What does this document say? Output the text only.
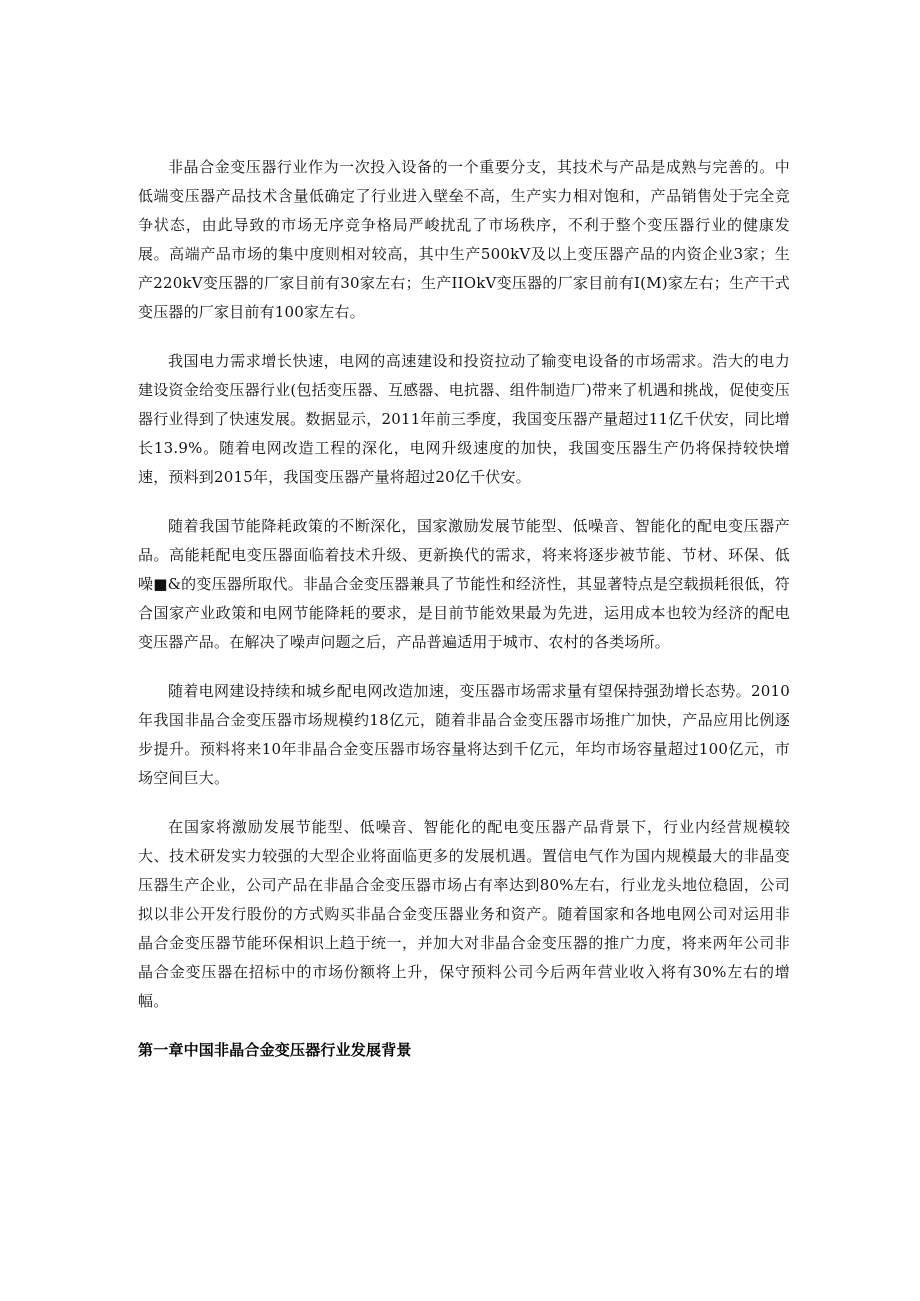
非晶合金变压器行业作为一次投入设备的一个重要分支，其技术与产品是成熟与完善的。中低端变压器产品技术含量低确定了行业进入壁垒不高，生产实力相对饱和，产品销售处于完全竞争状态，由此导致的市场无序竞争格局严峻扰乱了市场秩序，不利于整个变压器行业的健康发展。高端产品市场的集中度则相对较高，其中生产500kV及以上变压器产品的内资企业3家；生产220kV变压器的厂家目前有30家左右；生产IIOkV变压器的厂家目前有I(M)家左右；生产干式变压器的厂家目前有100家左右。

我国电力需求增长快速，电网的高速建设和投资拉动了输变电设备的市场需求。浩大的电力建设资金给变压器行业(包括变压器、互感器、电抗器、组件制造厂)带来了机遇和挑战，促使变压器行业得到了快速发展。数据显示，2011年前三季度，我国变压器产量超过11亿千伏安，同比增长13.9%。随着电网改造工程的深化，电网升级速度的加快，我国变压器生产仍将保持较快增速，预料到2015年，我国变压器产量将超过20亿千伏安。

随着我国节能降耗政策的不断深化，国家激励发展节能型、低噪音、智能化的配电变压器产品。高能耗配电变压器面临着技术升级、更新换代的需求，将来将逐步被节能、节材、环保、低噪■&的变压器所取代。非晶合金变压器兼具了节能性和经济性，其显著特点是空载损耗很低，符合国家产业政策和电网节能降耗的要求，是目前节能效果最为先进，运用成本也较为经济的配电变压器产品。在解决了噪声问题之后，产品普遍适用于城市、农村的各类场所。

随着电网建设持续和城乡配电网改造加速，变压器市场需求量有望保持强劲增长态势。2010年我国非晶合金变压器市场规模约18亿元，随着非晶合金变压器市场推广加快，产品应用比例逐步提升。预料将来10年非晶合金变压器市场容量将达到千亿元，年均市场容量超过100亿元，市场空间巨大。

在国家将激励发展节能型、低噪音、智能化的配电变压器产品背景下，行业内经营规模较大、技术研发实力较强的大型企业将面临更多的发展机遇。置信电气作为国内规模最大的非晶变压器生产企业，公司产品在非晶合金变压器市场占有率达到80%左右，行业龙头地位稳固，公司拟以非公开发行股份的方式购买非晶合金变压器业务和资产。随着国家和各地电网公司对运用非晶合金变压器节能环保相识上趋于统一，并加大对非晶合金变压器的推广力度，将来两年公司非晶合金变压器在招标中的市场份额将上升，保守预料公司今后两年营业收入将有30%左右的增幅。

第一章中国非晶合金变压器行业发展背景
